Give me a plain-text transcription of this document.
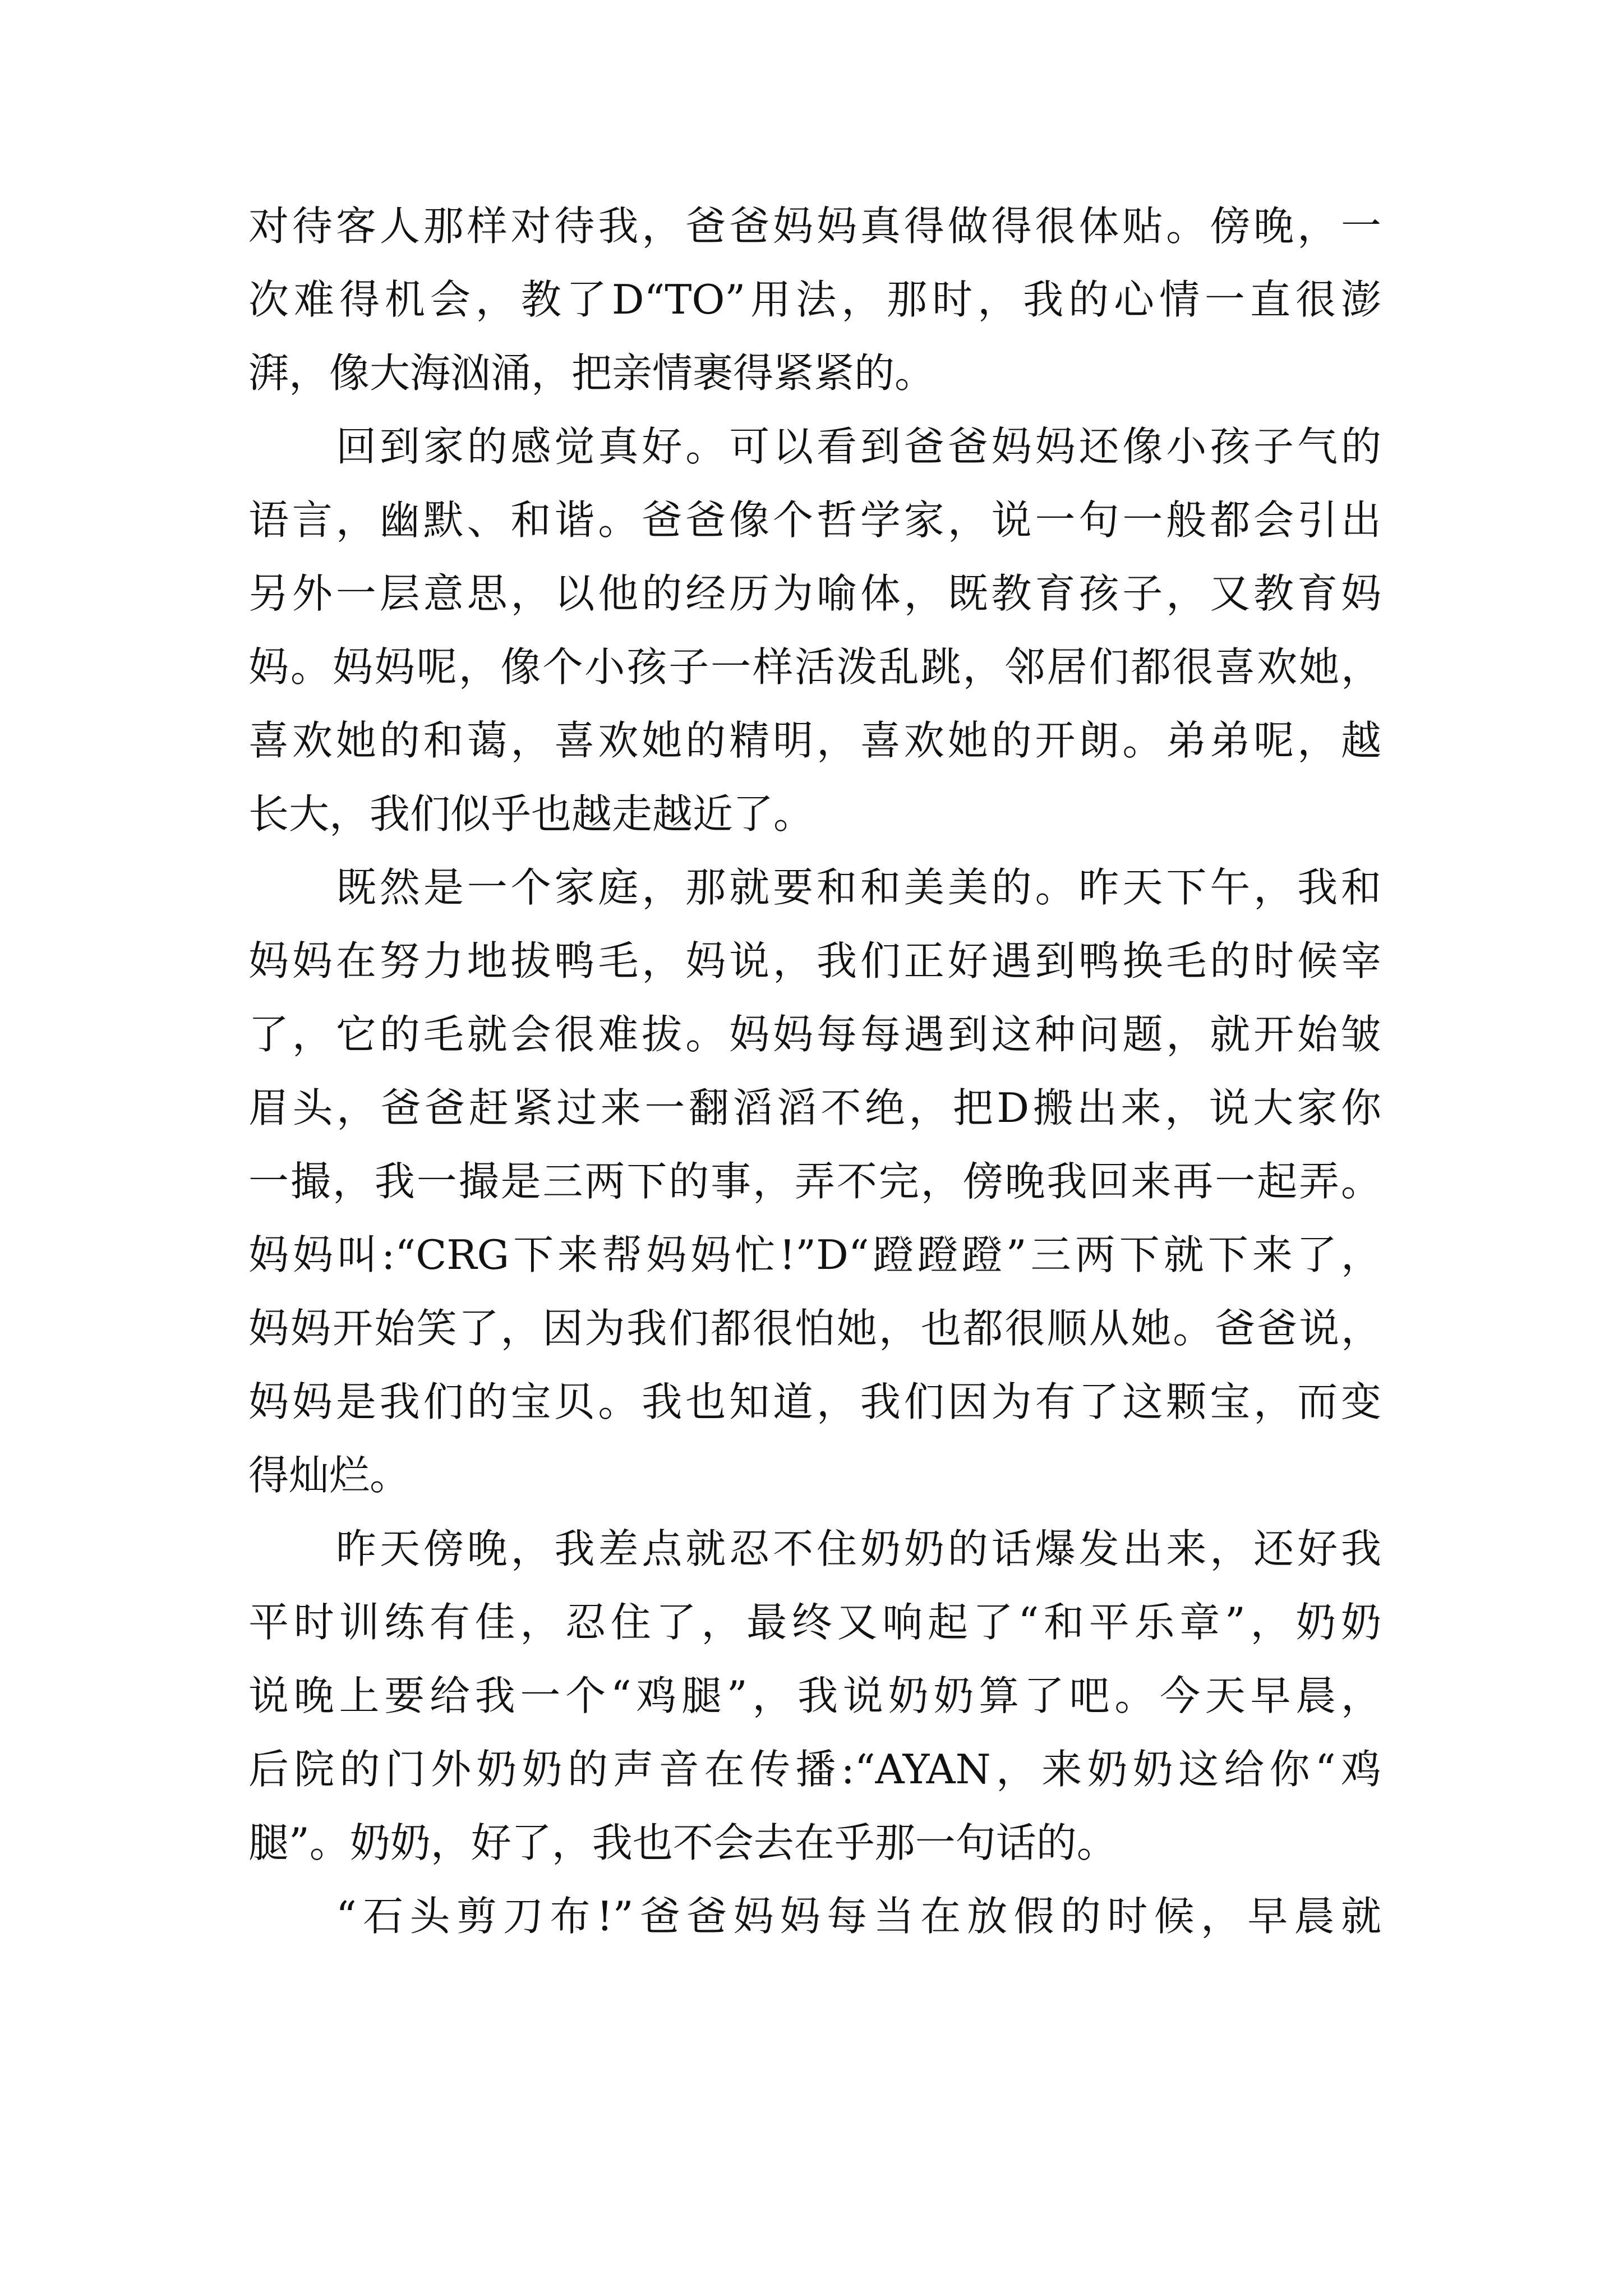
对待客人那样对待我，爸爸妈妈真得做得很体贴。傍晚，一
次难得机会，教了D“TO”用法，那时，我的心情一直很澎
湃，像大海汹涌，把亲情裹得紧紧的。
回到家的感觉真好。可以看到爸爸妈妈还像小孩子气的
语言，幽默、和谐。爸爸像个哲学家，说一句一般都会引出
另外一层意思，以他的经历为喻体，既教育孩子，又教育妈
妈。妈妈呢，像个小孩子一样活泼乱跳，邻居们都很喜欢她，
喜欢她的和蔼，喜欢她的精明，喜欢她的开朗。弟弟呢，越
长大，我们似乎也越走越近了。
既然是一个家庭，那就要和和美美的。昨天下午，我和
妈妈在努力地拔鸭毛，妈说，我们正好遇到鸭换毛的时候宰
了，它的毛就会很难拔。妈妈每每遇到这种问题，就开始皱
眉头，爸爸赶紧过来一翻滔滔不绝，把D搬出来，说大家你
一撮，我一撮是三两下的事，弄不完，傍晚我回来再一起弄。
妈妈叫:“CRG下来帮妈妈忙!”D“蹬蹬蹬”三两下就下来了，
妈妈开始笑了，因为我们都很怕她，也都很顺从她。爸爸说，
妈妈是我们的宝贝。我也知道，我们因为有了这颗宝，而变
得灿烂。
昨天傍晚，我差点就忍不住奶奶的话爆发出来，还好我
平时训练有佳，忍住了，最终又响起了“和平乐章”，奶奶
说晚上要给我一个“鸡腿”，我说奶奶算了吧。今天早晨，
后院的门外奶奶的声音在传播:“AYAN，来奶奶这给你“鸡
腿”。奶奶，好了，我也不会去在乎那一句话的。
“石头剪刀布!”爸爸妈妈每当在放假的时候，早晨就
